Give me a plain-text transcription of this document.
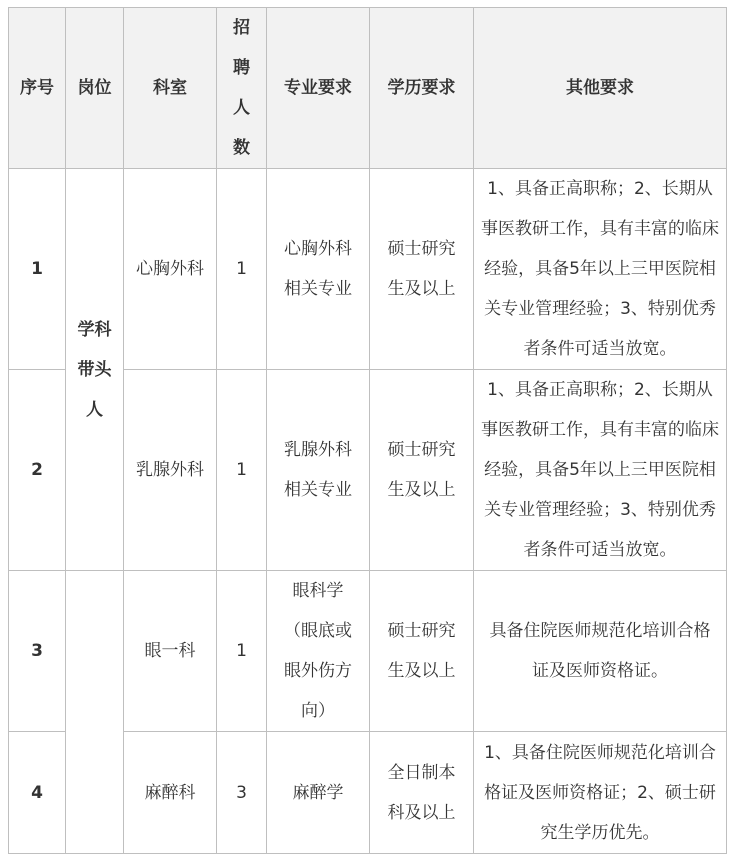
序号	岗位	科室	招聘人数	专业要求	学历要求	其他要求
1	学科带头人	心胸外科	1	心胸外科相关专业	硕士研究生及以上	1、具备正高职称；2、长期从事医教研工作，具有丰富的临床经验，具备5年以上三甲医院相关专业管理经验；3、特别优秀者条件可适当放宽。
2		乳腺外科	1	乳腺外科相关专业	硕士研究生及以上	1、具备正高职称；2、长期从事医教研工作，具有丰富的临床经验，具备5年以上三甲医院相关专业管理经验；3、特别优秀者条件可适当放宽。
3		眼一科	1	眼科学（眼底或眼外伤方向）	硕士研究生及以上	具备住院医师规范化培训合格证及医师资格证。
4		麻醉科	3	麻醉学	全日制本科及以上	1、具备住院医师规范化培训合格证及医师资格证；2、硕士研究生学历优先。
